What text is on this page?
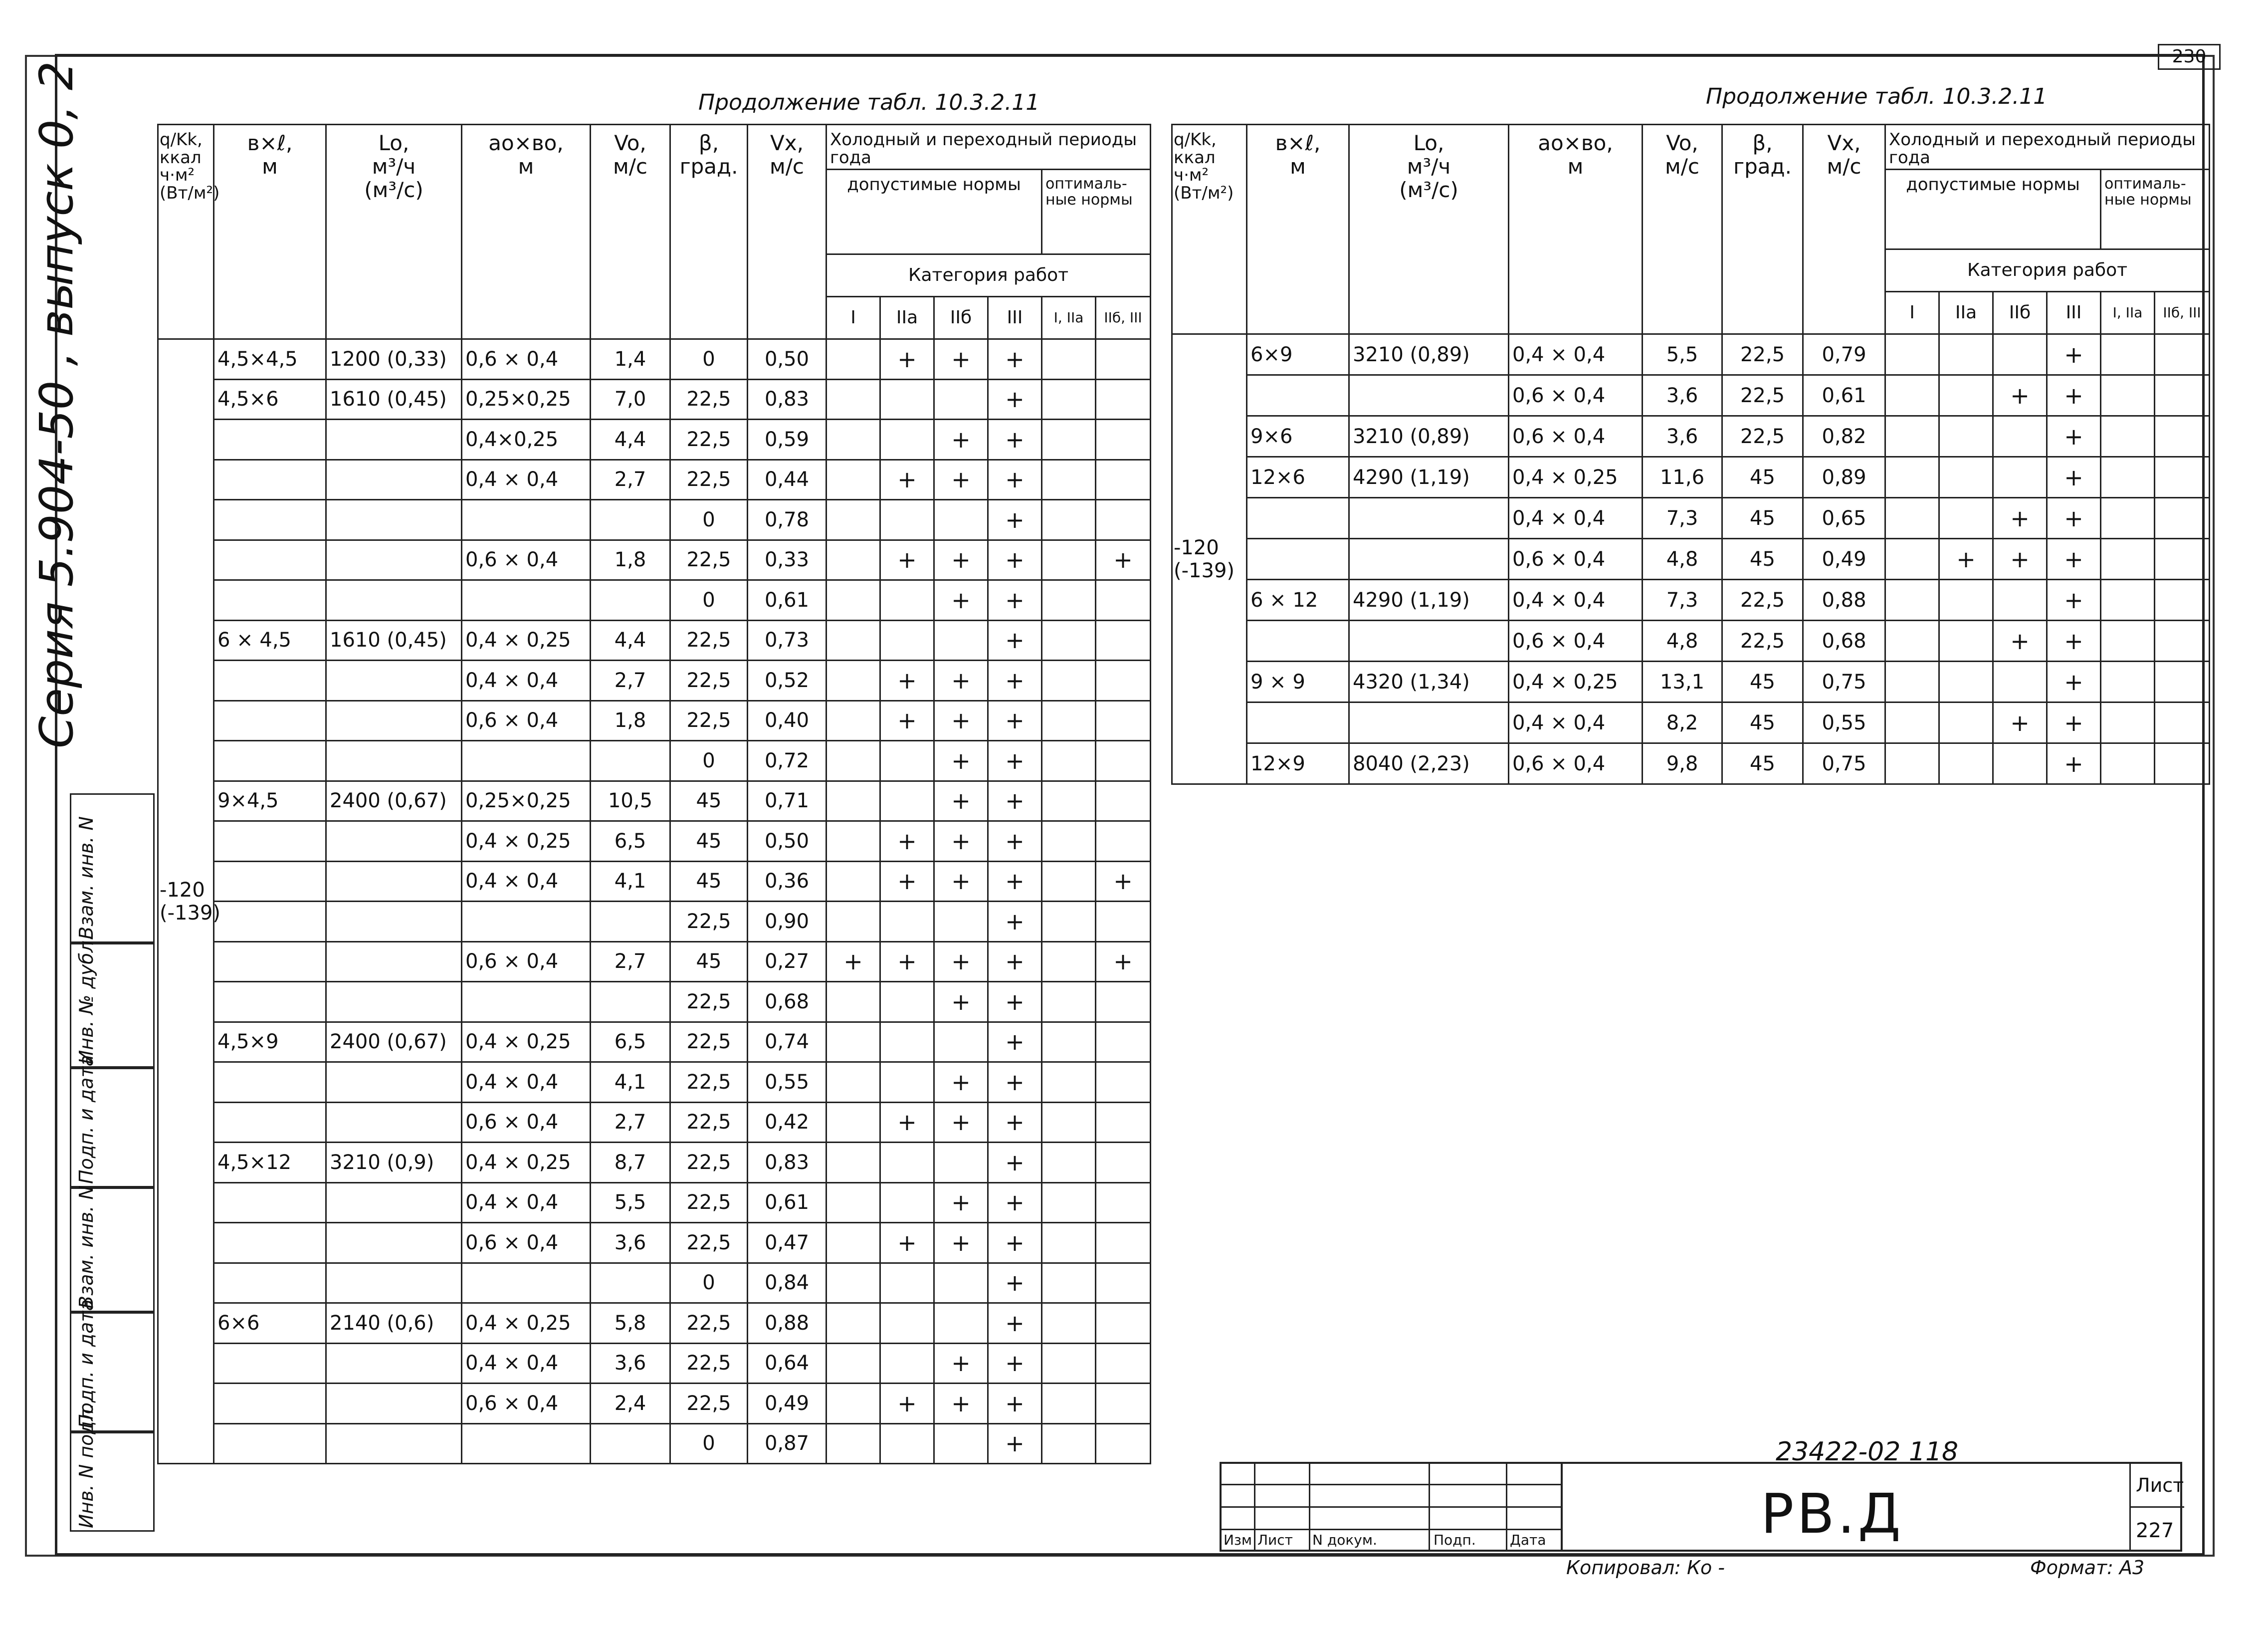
230
Серия 5.904-50 , выпуск 0, 2	Продолжение табл. 10.3.2.11	Продолжение табл. 10.3.2.11
Взам. инв. N
Инв. № дубл.
Подп. и дата
Взам. инв. N
Подп. и дата
Инв. N подл.
q/Kk,
ккал
ч·м²
(Вт/м²)	в×ℓ,
м	Lo,
м³/ч
(м³/с)	ao×вo,
м	Vo,
м/с	β,
град.	Vx,
м/с	Холодный и переходный периоды года					
							допустимые нормы				оптималь- ные нормы	
							Категория работ					
							I	IIа	IIб	III	I, IIа	IIб, III

-120
(-139)	4,5×4,5	1200 (0,33)	0,6 × 0,4	1,4	0	0,50		+	+	+		
	4,5×6	1610 (0,45)	0,25×0,25	7,0	22,5	0,83				+		
			0,4×0,25	4,4	22,5	0,59			+	+		
			0,4 × 0,4	2,7	22,5	0,44		+	+	+		
					0	0,78				+		
			0,6 × 0,4	1,8	22,5	0,33		+	+	+		+
					0	0,61			+	+		
	6 × 4,5	1610 (0,45)	0,4 × 0,25	4,4	22,5	0,73				+		
			0,4 × 0,4	2,7	22,5	0,52		+	+	+		
			0,6 × 0,4	1,8	22,5	0,40		+	+	+		
					0	0,72			+	+		
	9×4,5	2400 (0,67)	0,25×0,25	10,5	45	0,71			+	+		
			0,4 × 0,25	6,5	45	0,50		+	+	+		
			0,4 × 0,4	4,1	45	0,36		+	+	+		+
					22,5	0,90				+		
			0,6 × 0,4	2,7	45	0,27	+	+	+	+		+
					22,5	0,68			+	+		
	4,5×9	2400 (0,67)	0,4 × 0,25	6,5	22,5	0,74				+		
			0,4 × 0,4	4,1	22,5	0,55			+	+		
			0,6 × 0,4	2,7	22,5	0,42		+	+	+		
	4,5×12	3210 (0,9)	0,4 × 0,25	8,7	22,5	0,83				+		
			0,4 × 0,4	5,5	22,5	0,61			+	+		
			0,6 × 0,4	3,6	22,5	0,47		+	+	+		
					0	0,84				+		
	6×6	2140 (0,6)	0,4 × 0,25	5,8	22,5	0,88				+		
			0,4 × 0,4	3,6	22,5	0,64			+	+		
			0,6 × 0,4	2,4	22,5	0,49		+	+	+		
					0	0,87				+		
q/Kk,
ккал
ч·м²
(Вт/м²)	в×ℓ,
м	Lo,
м³/ч
(м³/с)	ao×вo,
м	Vo,
м/с	β,
град.	Vx,
м/с	Холодный и переходный периоды года					
							допустимые нормы				оптималь- ные нормы	
							Категория работ					
							I	IIа	IIб	III	I, IIа	IIб, III

-120
(-139)	6×9	3210 (0,89)	0,4 × 0,4	5,5	22,5	0,79				+		
			0,6 × 0,4	3,6	22,5	0,61			+	+		
	9×6	3210 (0,89)	0,6 × 0,4	3,6	22,5	0,82				+		
	12×6	4290 (1,19)	0,4 × 0,25	11,6	45	0,89				+		
			0,4 × 0,4	7,3	45	0,65			+	+		
			0,6 × 0,4	4,8	45	0,49		+	+	+		
	6 × 12	4290 (1,19)	0,4 × 0,4	7,3	22,5	0,88				+		
			0,6 × 0,4	4,8	22,5	0,68			+	+		
	9 × 9	4320 (1,34)	0,4 × 0,25	13,1	45	0,75				+		
			0,4 × 0,4	8,2	45	0,55			+	+		
	12×9	8040 (2,23)	0,6 × 0,4	9,8	45	0,75				+		
23422-02 118
Изм Лист N докум.	Подп. Дата	РВ.Д	Лист
227
Копировал: Ко -	Формат: А3
